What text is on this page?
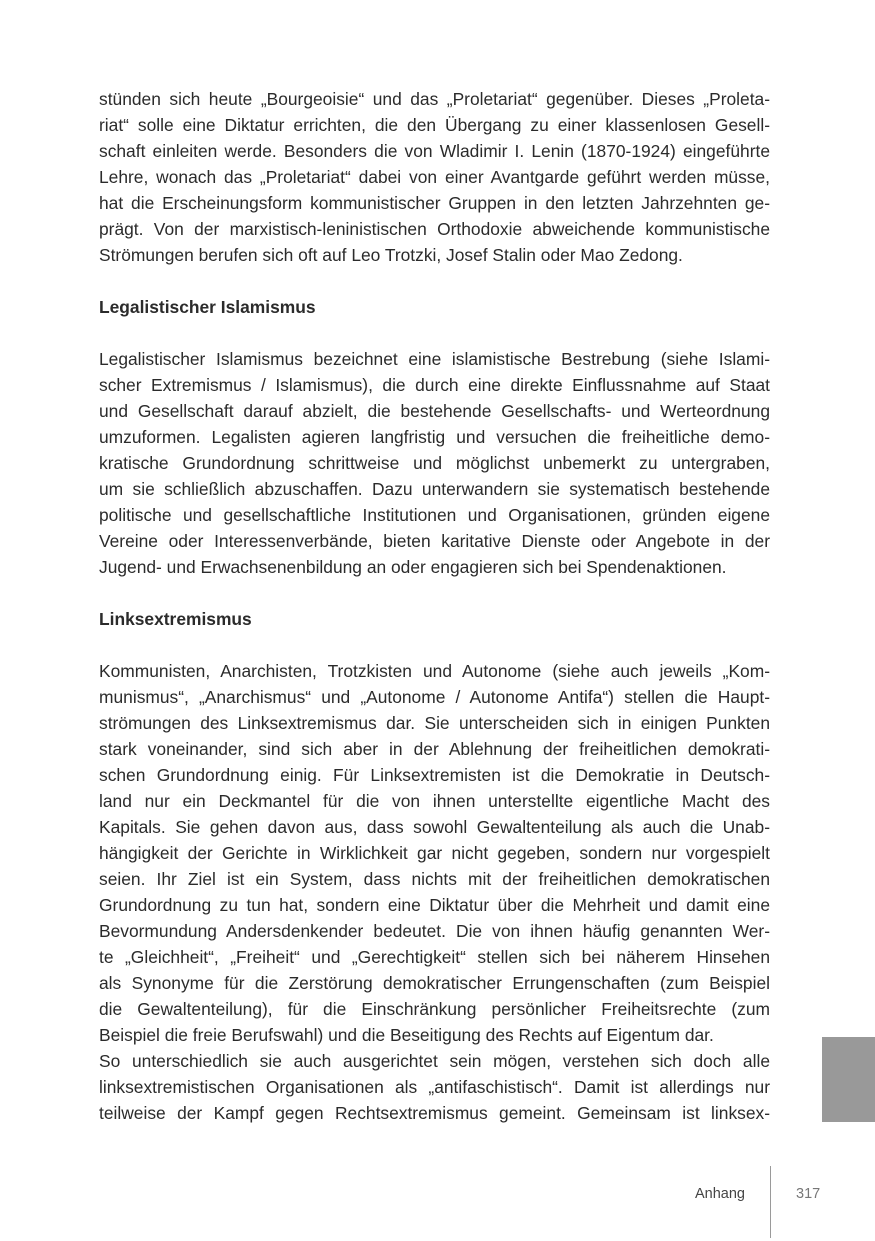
stünden sich heute „Bourgeoisie“ und das „Proletariat“ gegenüber. Dieses „Proleta-
riat“ solle eine Diktatur errichten, die den Übergang zu einer klassenlosen Gesell-
schaft einleiten werde. Besonders die von Wladimir I. Lenin (1870-1924) eingeführte
Lehre, wonach das „Proletariat“ dabei von einer Avantgarde geführt werden müsse,
hat die Erscheinungsform kommunistischer Gruppen in den letzten Jahrzehnten ge-
prägt. Von der marxistisch-leninistischen Orthodoxie abweichende kommunistische
Strömungen berufen sich oft auf Leo Trotzki, Josef Stalin oder Mao Zedong.
Legalistischer Islamismus
Legalistischer Islamismus bezeichnet eine islamistische Bestrebung (siehe Islami-
scher Extremismus / Islamismus), die durch eine direkte Einflussnahme auf Staat
und Gesellschaft darauf abzielt, die bestehende Gesellschafts- und Werteordnung
umzuformen. Legalisten agieren langfristig und versuchen die freiheitliche demo-
kratische Grundordnung schrittweise und möglichst unbemerkt zu untergraben,
um sie schließlich abzuschaffen. Dazu unterwandern sie systematisch bestehende
politische und gesellschaftliche Institutionen und Organisationen, gründen eigene
Vereine oder Interessenverbände, bieten karitative Dienste oder Angebote in der
Jugend- und Erwachsenenbildung an oder engagieren sich bei Spendenaktionen.
Linksextremismus
Kommunisten, Anarchisten, Trotzkisten und Autonome (siehe auch jeweils „Kom-
munismus“, „Anarchismus“ und „Autonome / Autonome Antifa“) stellen die Haupt-
strömungen des Linksextremismus dar. Sie unterscheiden sich in einigen Punkten
stark voneinander, sind sich aber in der Ablehnung der freiheitlichen demokrati-
schen Grundordnung einig. Für Linksextremisten ist die Demokratie in Deutsch-
land nur ein Deckmantel für die von ihnen unterstellte eigentliche Macht des
Kapitals. Sie gehen davon aus, dass sowohl Gewaltenteilung als auch die Unab-
hängigkeit der Gerichte in Wirklichkeit gar nicht gegeben, sondern nur vorgespielt
seien. Ihr Ziel ist ein System, dass nichts mit der freiheitlichen demokratischen
Grundordnung zu tun hat, sondern eine Diktatur über die Mehrheit und damit eine
Bevormundung Andersdenkender bedeutet. Die von ihnen häufig genannten Wer-
te „Gleichheit“, „Freiheit“ und „Gerechtigkeit“ stellen sich bei näherem Hinsehen
als Synonyme für die Zerstörung demokratischer Errungenschaften (zum Beispiel
die Gewaltenteilung), für die Einschränkung persönlicher Freiheitsrechte (zum
Beispiel die freie Berufswahl) und die Beseitigung des Rechts auf Eigentum dar.
So unterschiedlich sie auch ausgerichtet sein mögen, verstehen sich doch alle
linksextremistischen Organisationen als „antifaschistisch“. Damit ist allerdings nur
teilweise der Kampf gegen Rechtsextremismus gemeint. Gemeinsam ist linksex-
Anhang	317
